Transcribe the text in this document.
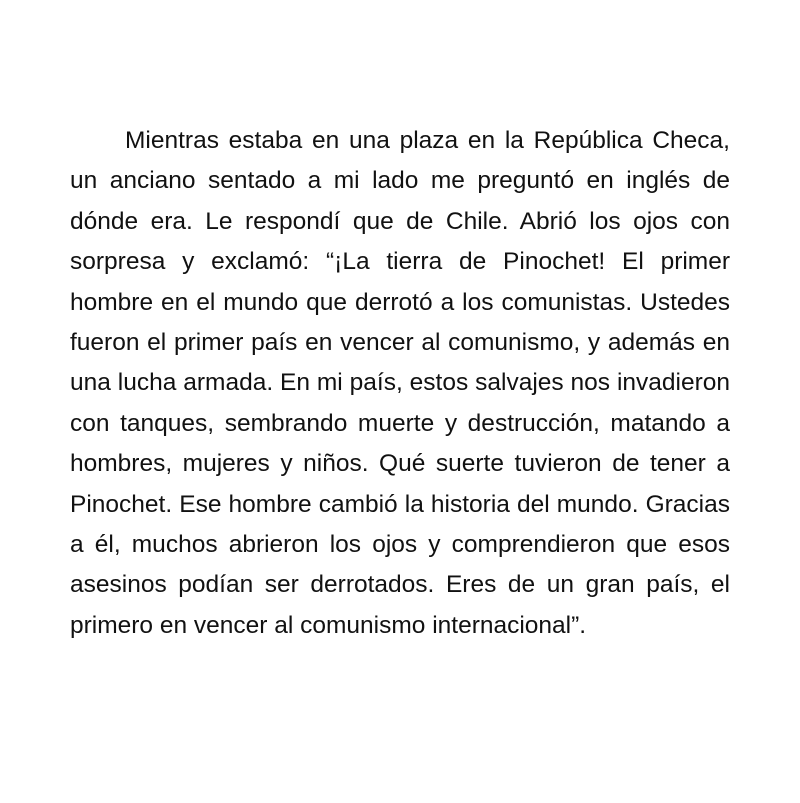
Mientras estaba en una plaza en la República Checa, un anciano sentado a mi lado me preguntó en inglés de dónde era. Le respondí que de Chile. Abrió los ojos con sorpresa y exclamó: “¡La tierra de Pinochet! El primer hombre en el mundo que derrotó a los comunistas. Ustedes fueron el primer país en vencer al comunismo, y además en una lucha armada. En mi país, estos salvajes nos invadieron con tanques, sembrando muerte y destrucción, matando a hombres, mujeres y niños. Qué suerte tuvieron de tener a Pinochet. Ese hombre cambió la historia del mundo. Gracias a él, muchos abrieron los ojos y comprendieron que esos asesinos podían ser derrotados. Eres de un gran país, el primero en vencer al comunismo internacional”.
